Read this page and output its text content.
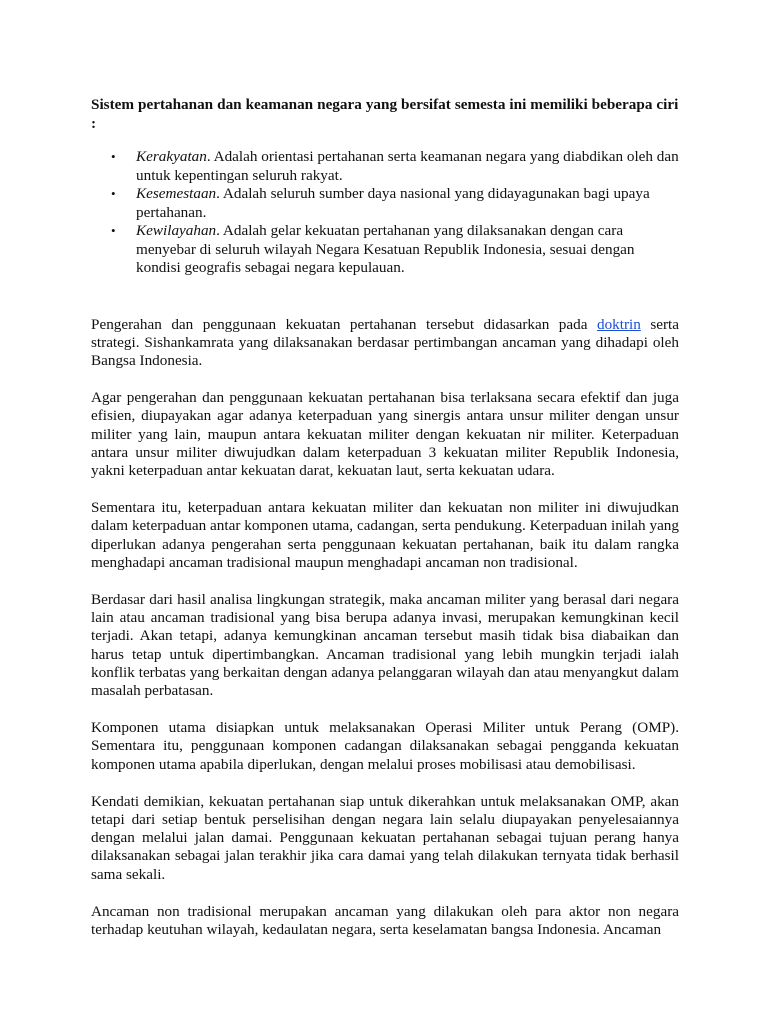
Sistem pertahanan dan keamanan negara yang bersifat semesta ini memiliki beberapa ciri :

• Kerakyatan. Adalah orientasi pertahanan serta keamanan negara yang diabdikan oleh dan untuk kepentingan seluruh rakyat.
• Kesemestaan. Adalah seluruh sumber daya nasional yang didayagunakan bagi upaya pertahanan.
• Kewilayahan. Adalah gelar kekuatan pertahanan yang dilaksanakan dengan cara menyebar di seluruh wilayah Negara Kesatuan Republik Indonesia, sesuai dengan kondisi geografis sebagai negara kepulauan.

Pengerahan dan penggunaan kekuatan pertahanan tersebut didasarkan pada doktrin serta strategi. Sishankamrata yang dilaksanakan berdasar pertimbangan ancaman yang dihadapi oleh Bangsa Indonesia.

Agar pengerahan dan penggunaan kekuatan pertahanan bisa terlaksana secara efektif dan juga efisien, diupayakan agar adanya keterpaduan yang sinergis antara unsur militer dengan unsur militer yang lain, maupun antara kekuatan militer dengan kekuatan nir militer. Keterpaduan antara unsur militer diwujudkan dalam keterpaduan 3 kekuatan militer Republik Indonesia, yakni keterpaduan antar kekuatan darat, kekuatan laut, serta kekuatan udara.

Sementara itu, keterpaduan antara kekuatan militer dan kekuatan non militer ini diwujudkan dalam keterpaduan antar komponen utama, cadangan, serta pendukung. Keterpaduan inilah yang diperlukan adanya pengerahan serta penggunaan kekuatan pertahanan, baik itu dalam rangka menghadapi ancaman tradisional maupun menghadapi ancaman non tradisional.

Berdasar dari hasil analisa lingkungan strategik, maka ancaman militer yang berasal dari negara lain atau ancaman tradisional yang bisa berupa adanya invasi, merupakan kemungkinan kecil terjadi. Akan tetapi, adanya kemungkinan ancaman tersebut masih tidak bisa diabaikan dan harus tetap untuk dipertimbangkan. Ancaman tradisional yang lebih mungkin terjadi ialah konflik terbatas yang berkaitan dengan adanya pelanggaran wilayah dan atau menyangkut dalam masalah perbatasan.

Komponen utama disiapkan untuk melaksanakan Operasi Militer untuk Perang (OMP). Sementara itu, penggunaan komponen cadangan dilaksanakan sebagai pengganda kekuatan komponen utama apabila diperlukan, dengan melalui proses mobilisasi atau demobilisasi.

Kendati demikian, kekuatan pertahanan siap untuk dikerahkan untuk melaksanakan OMP, akan tetapi dari setiap bentuk perselisihan dengan negara lain selalu diupayakan penyelesaiannya dengan melalui jalan damai. Penggunaan kekuatan pertahanan sebagai tujuan perang hanya dilaksanakan sebagai jalan terakhir jika cara damai yang telah dilakukan ternyata tidak berhasil sama sekali.

Ancaman non tradisional merupakan ancaman yang dilakukan oleh para aktor non negara terhadap keutuhan wilayah, kedaulatan negara, serta keselamatan bangsa Indonesia. Ancaman
